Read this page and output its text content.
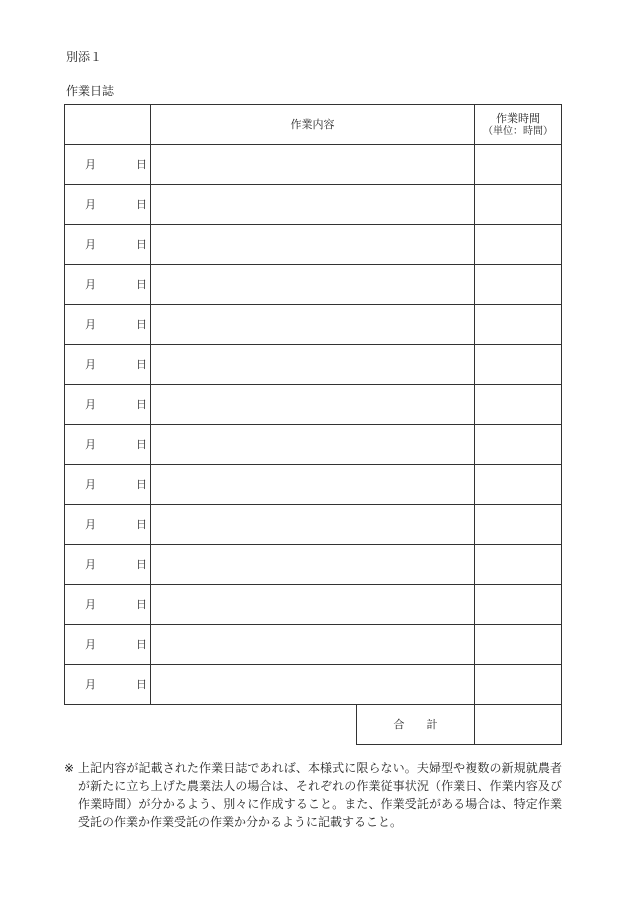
別添１
作業日誌
	作業内容	作業時間
（単位：時間）

月 日		

月 日		

月 日		

月 日		

月 日		

月 日		

月 日		

月 日		

月 日		

月 日		

月 日		

月 日		

月 日		

月 日		

	合計	

※ 上記内容が記載された作業日誌であれば、本様式に限らない。夫婦型や複数の新規就農者が新たに立ち上げた農業法人の場合は、それぞれの作業従事状況（作業日、作業内容及び作業時間）が分かるよう、別々に作成すること。また、作業受託がある場合は、特定作業受託の作業か作業受託の作業か分かるように記載すること。
